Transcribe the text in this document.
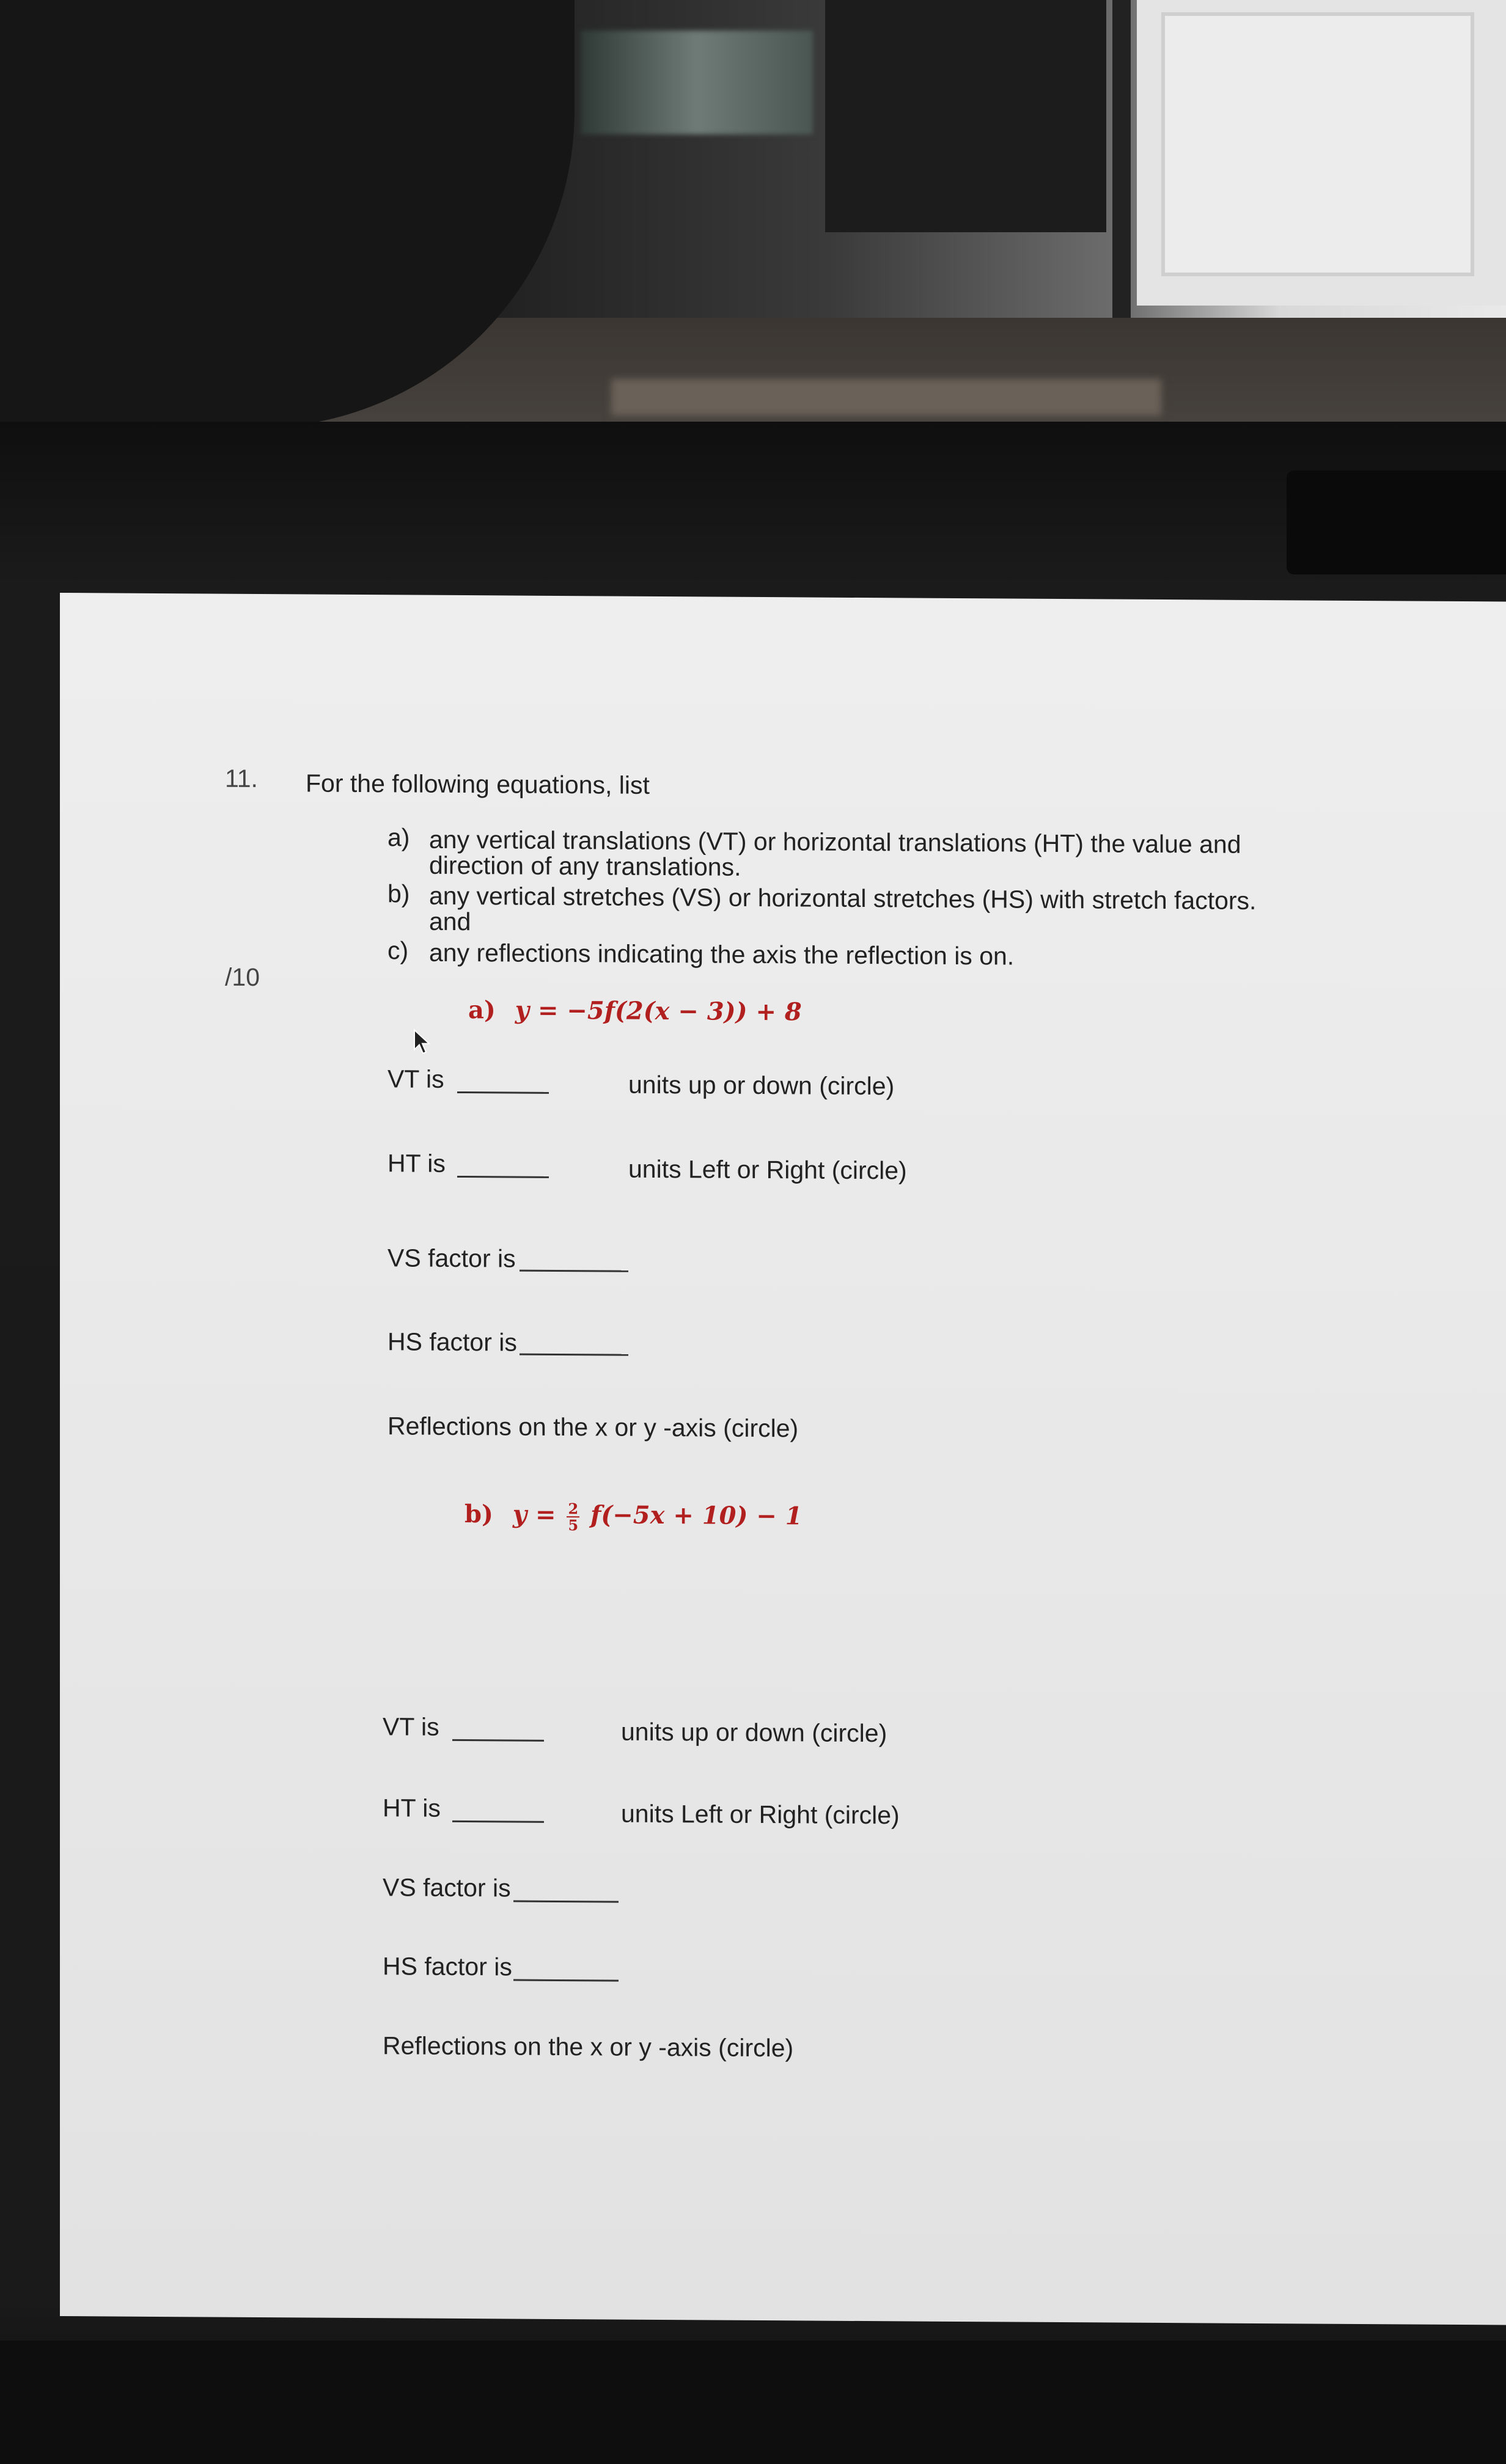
11. For the following equations, list
/10
a) any vertical translations (VT) or horizontal translations (HT) the value and
direction of any translations.
b) any vertical stretches (VS) or horizontal stretches (HS) with stretch factors.
and
c) any reflections indicating the axis the reflection is on.
a) y = −5f(2(x − 3)) + 8
VT is	units up or down (circle)
HT is	units Left or Right (circle)
VS factor is
HS factor is
Reflections on the x or y -axis (circle)
b) $y = \frac{2}{5} f(-5x + 10) - 1$
VT is	units up or down (circle)
HT is	units Left or Right (circle)
VS factor is
HS factor is
Reflections on the x or y -axis (circle)
